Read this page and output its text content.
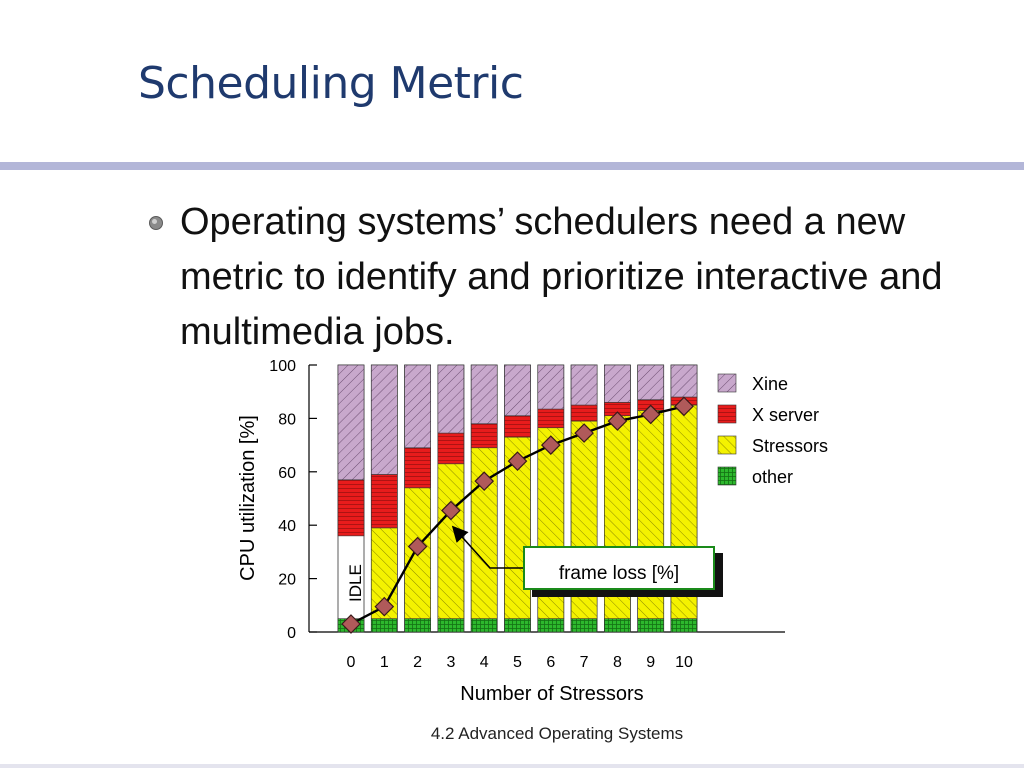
Scheduling Metric
Operating systems’ schedulers need a new metric to identify and prioritize interactive and multimedia jobs.
0
20
40
60
80
100
0 1 2 3 4 5 6 7 8 9 10
IDLE	frame loss [%]
Number of Stressors
CPU utilization [%]
Xine
X server
Stressors
other
4.2 Advanced Operating Systems
